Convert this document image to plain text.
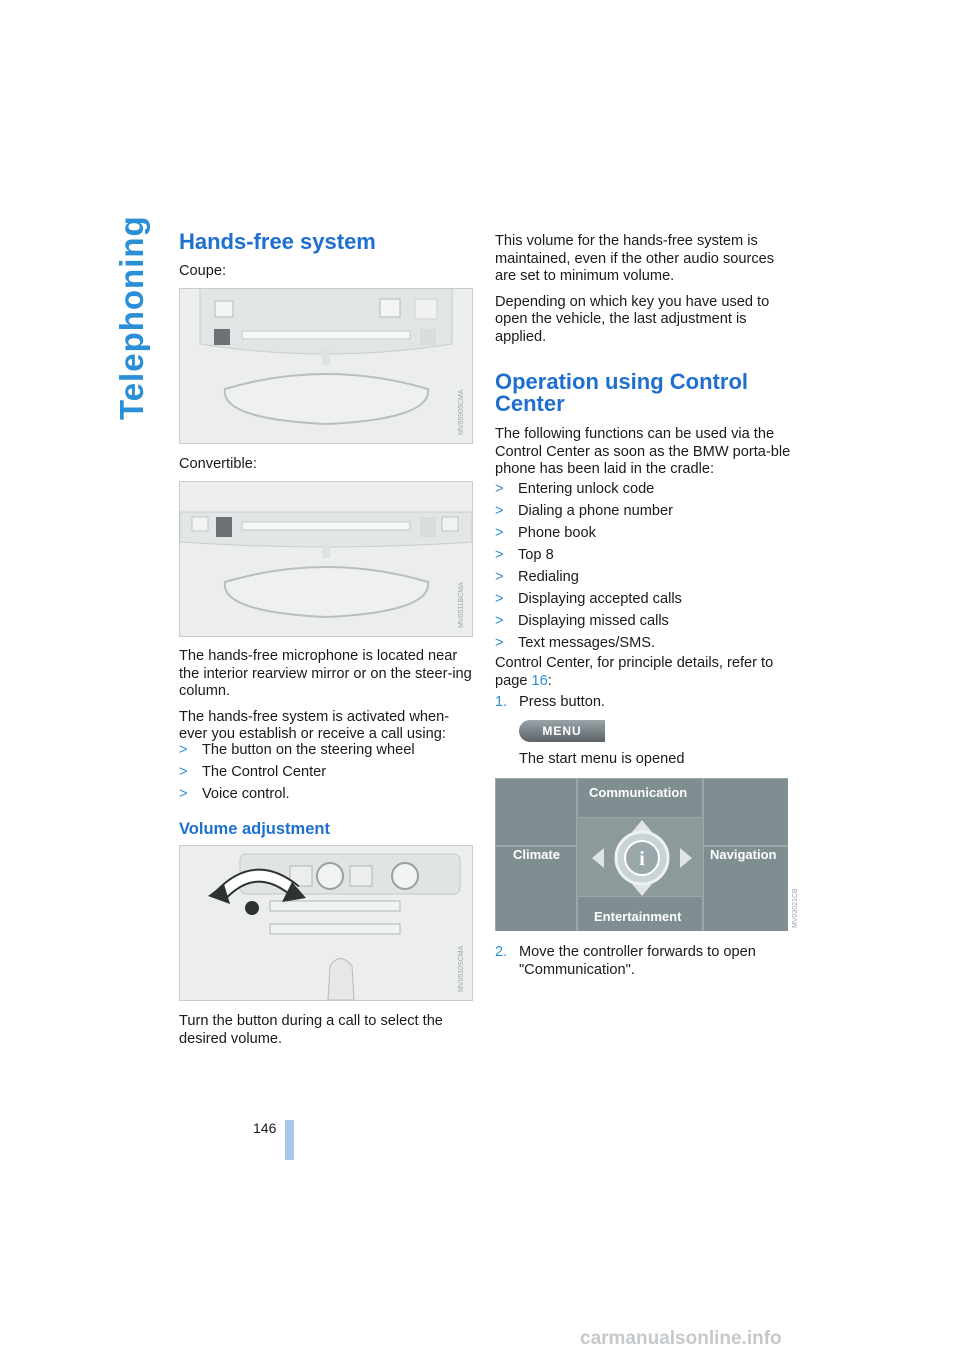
Telephoning Hands-free system
Coupe:
MV05905CMA
Convertible:
MV0511BCMA

The hands-free microphone is located near the interior rearview mirror or on the steer-ing column.

The hands-free system is activated when-ever you establish or receive a call using:

> The button on the steering wheel
> The Control Center
> Voice control.
Volume adjustment
MV0510SCMA

Turn the button during a call to select the desired volume.

This volume for the hands-free system is maintained, even if the other audio sources are set to minimum volume.

Depending on which key you have used to open the vehicle, the last adjustment is applied.

Operation using Control
Center

The following functions can be used via the Control Center as soon as the BMW porta-ble phone has been laid in the cradle:

> Entering unlock code
> Dialing a phone number
> Phone book
> Top 8
> Redialing
> Displaying accepted calls
> Displaying missed calls
> Text messages/SMS.
Control Center, for principle details, refer to page 16:
1. Press button.
MENU
The start menu is opened
i
Communication
Climate	Navigation
Entertainment	MV03021CB
2. Move the controller forwards to open "Communication".
146
carmanualsonline.info
